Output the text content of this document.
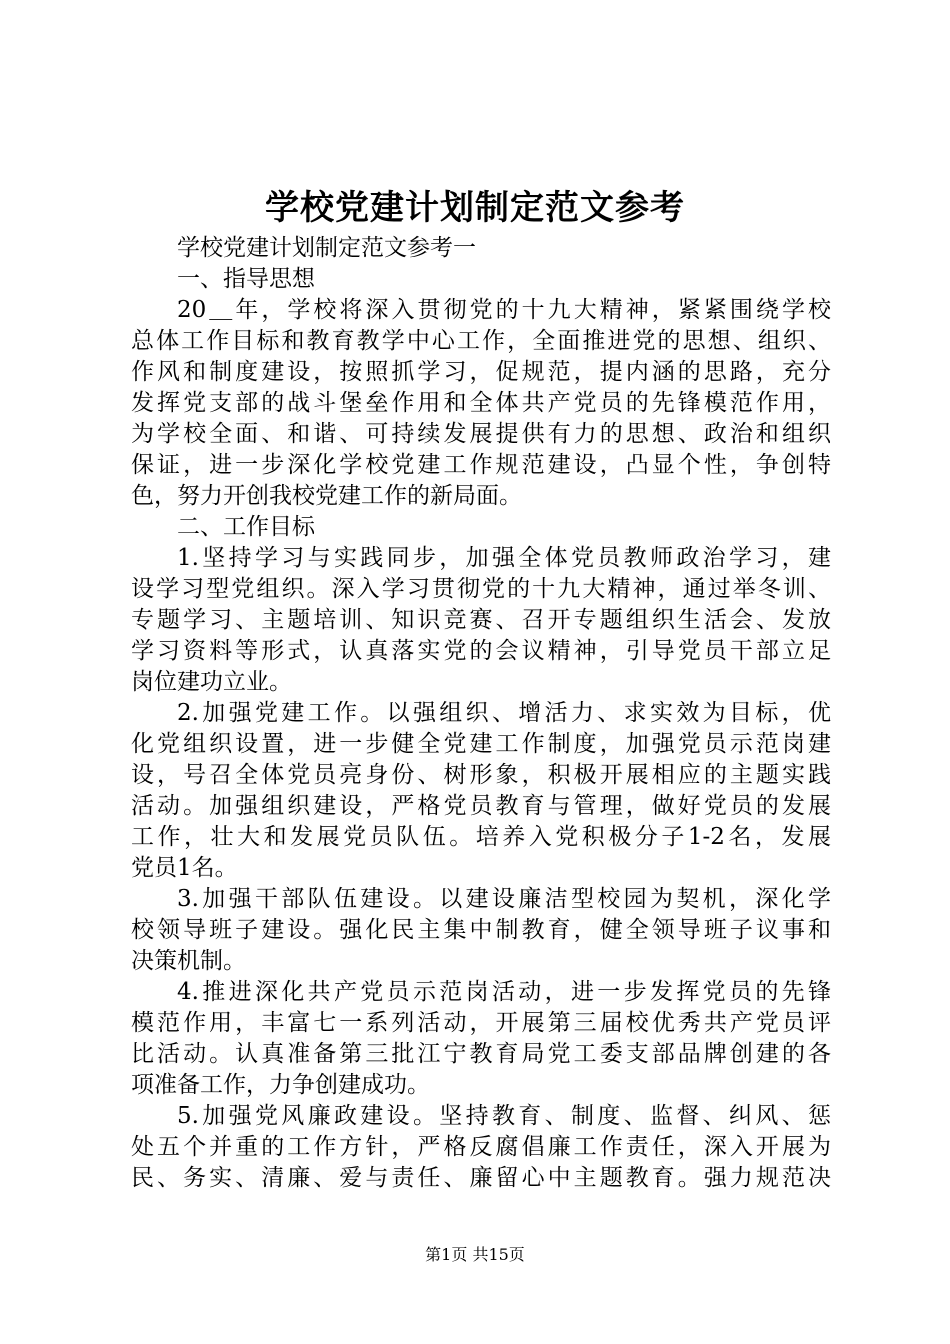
学校党建计划制定范文参考
学校党建计划制定范文参考一
一、指导思想
20＿年，学校将深入贯彻党的十九大精神，紧紧围绕学校
总体工作目标和教育教学中心工作，全面推进党的思想、组织、
作风和制度建设，按照抓学习，促规范，提内涵的思路，充分
发挥党支部的战斗堡垒作用和全体共产党员的先锋模范作用，
为学校全面、和谐、可持续发展提供有力的思想、政治和组织
保证，进一步深化学校党建工作规范建设，凸显个性，争创特
色，努力开创我校党建工作的新局面。
二、工作目标
1.坚持学习与实践同步，加强全体党员教师政治学习，建
设学习型党组织。深入学习贯彻党的十九大精神，通过举冬训、
专题学习、主题培训、知识竞赛、召开专题组织生活会、发放
学习资料等形式，认真落实党的会议精神，引导党员干部立足
岗位建功立业。
2.加强党建工作。以强组织、增活力、求实效为目标，优
化党组织设置，进一步健全党建工作制度，加强党员示范岗建
设，号召全体党员亮身份、树形象，积极开展相应的主题实践
活动。加强组织建设，严格党员教育与管理，做好党员的发展
工作，壮大和发展党员队伍。培养入党积极分子1-2名，发展
党员1名。
3.加强干部队伍建设。以建设廉洁型校园为契机，深化学
校领导班子建设。强化民主集中制教育，健全领导班子议事和
决策机制。
4.推进深化共产党员示范岗活动，进一步发挥党员的先锋
模范作用，丰富七一系列活动，开展第三届校优秀共产党员评
比活动。认真准备第三批江宁教育局党工委支部品牌创建的各
项准备工作，力争创建成功。
5.加强党风廉政建设。坚持教育、制度、监督、纠风、惩
处五个并重的工作方针，严格反腐倡廉工作责任，深入开展为
民、务实、清廉、爱与责任、廉留心中主题教育。强力规范决
第1页 共15页
